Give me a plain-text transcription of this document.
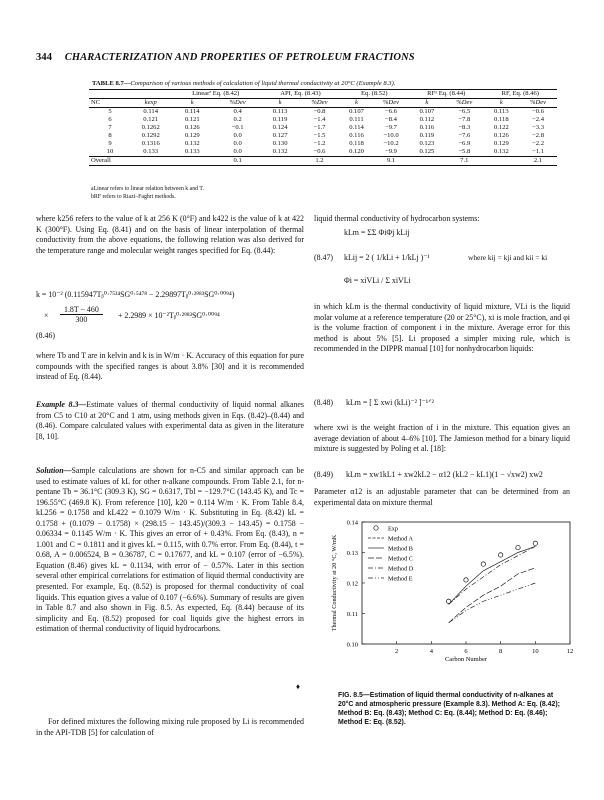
344 CHARACTERIZATION AND PROPERTIES OF PETROLEUM FRACTIONS
TABLE 8.7—Comparison of various methods of calculation of liquid thermal conductivity at 20°C (Example 8.3).
		Linearª Eq. (8.42)		API, Eq. (8.43)		Eq. (8.52)		RF¹ Eq. (8.44)		RF, Eq. (8.46)	
NC	kexp	k	%Dev	k	%Dev	k	%Dev	k	%Dev	k	%Dev
5	0.114	0.114	0.4	0.113	−0.8	0.107	−6.6	0.107	−6.5	0.113	−0.6
6	0.121	0.121	0.2	0.119	−1.4	0.111	−8.4	0.112	−7.8	0.118	−2.4
7	0.1262	0.126	−0.1	0.124	−1.7	0.114	−9.7	0.116	−8.3	0.122	−3.3
8	0.1292	0.129	0.0	0.127	−1.5	0.116	−10.0	0.119	−7.6	0.126	−2.8
9	0.1316	0.132	0.0	0.130	−1.2	0.118	−10.2	0.123	−6.9	0.129	−2.2
10	0.133	0.133	0.0	0.132	−0.6	0.120	−9.9	0.125	−5.8	0.132	−1.1
Overall			0.1		1.2		9.1		7.1		2.1
aLinear refers to linear relation between k and T.
bRF refers to Riazi–Faghri methods.

where k256 refers to the value of k at 256 K (0°F) and k422 is the value of k at 422 K (300°F). Using Eq. (8.41) and on the basis of linear interpolation of thermal conductivity from the above equations, the following relation was also derived for the temperature range and molecular weight ranges specified for Eq. (8.44):

k = 10⁻² (0.115947Tᵦ⁰·⁷⁵³⁴SG⁰·⁵⁴⁷⁸ − 2.29897Tᵦ⁰·²⁹⁸³SG⁰·⁰⁰⁹⁴)
$\frac{1.8T - 460}{300}$
×	+ 2.2989 × 10⁻²Tᵦ⁰·²⁹⁸³SG⁰·⁰⁰⁹⁴
(8.46)

where Tb and T are in kelvin and k is in W/m · K. Accuracy of this equation for pure compounds with the specified ranges is about 3.8% [30] and it is recommended instead of Eq. (8.44).

Example 8.3—Estimate values of thermal conductivity of liquid normal alkanes from C5 to C10 at 20°C and 1 atm, using methods given in Eqs. (8.42)–(8.44) and (8.46). Compare calculated values with experimental data as given in the literature [8, 10].

Solution—Sample calculations are shown for n-C5 and similar approach can be used to estimate values of kL for other n-alkane compounds. From Table 2.1, for n-pentane Tb = 36.1°C (309.3 K), SG = 0.6317, Tbl = −129.7°C (143.45 K), and Tc = 196.55°C (469.8 K). From reference [10], k20 = 0.114 W/m · K. From Table 8.4, kL256 = 0.1758 and kL422 = 0.1079 W/m · K. Substituting in Eq. (8.42) kL = 0.1758 + (0.1079 − 0.1758) × (298.15 − 143.45)/(309.3 − 143.45) = 0.1758 − 0.06334 = 0.1145 W/m · K. This gives an error of + 0.43%. From Eq. (8.43), n = 1.001 and C = 0.1811 and it gives kL = 0.115, with 0.7% error. From Eq. (8.44), t = 0.68, A = 0.006524, B = 0.36787, C = 0.17677, and kL = 0.107 (error of −6.5%). Equation (8.46) gives kL = 0.1134, with error of − 0.57%. Later in this section several other empirical correlations for estimation of liquid thermal conductivity are presented. For example, Eq. (8.52) is proposed for thermal conductivity of coal liquids. This equation gives a value of 0.107 (−6.6%). Summary of results are given in Table 8.7 and also shown in Fig. 8.5. As expected, Eq. (8.44) because of its simplicity and Eq. (8.52) proposed for coal liquids give the highest errors in estimation of thermal conductivity of liquid hydrocarbons.

♦

For defined mixtures the following mixing rule proposed by Li is recommended in the API-TDB [5] for calculation of

liquid thermal conductivity of hydrocarbon systems:

kLm = ΣΣ ΦiΦj kLij
(8.47) kLij = 2 ( 1/kLi + 1/kLj )⁻¹	where kij = kji and kii = ki
Φi = xiVLi / Σ xiVLi

in which kLm is the thermal conductivity of liquid mixture, VLi is the liquid molar volume at a reference temperature (20 or 25°C), xi is mole fraction, and φi is the volume fraction of component i in the mixture. Average error for this method is about 5% [5]. Li proposed a simpler mixing rule, which is recommended in the DIPPR manual [10] for nonhydrocarbon liquids:

(8.48) kLm = [ Σ xwi (kLi)⁻² ]⁻¹ᐟ²

where xwi is the weight fraction of i in the mixture. This equation gives an average deviation of about 4–6% [10]. The Jamieson method for a binary liquid mixture is suggested by Poling et al. [18]:

(8.49) kLm = xw1kL1 + xw2kL2 − α12 (kL2 − kL1)(1 − √xw2) xw2

Parameter α12 is an adjustable parameter that can be determined from an experimental data on mixture thermal

0.10
0.11
0.12
0.13
0.14
2	4	6	8	10	12
Carbon Number
Thermal Conductivity at 20 °C, W/mK
Exp
Method A
Method B
Method C
Method D
Method E
FIG. 8.5—Estimation of liquid thermal conductivity of n-alkanes at 20°C and atmospheric pressure (Example 8.3). Method A: Eq. (8.42); Method B: Eq. (8.43); Method C: Eq. (8.44); Method D: Eq. (8.46); Method E: Eq. (8.52).
